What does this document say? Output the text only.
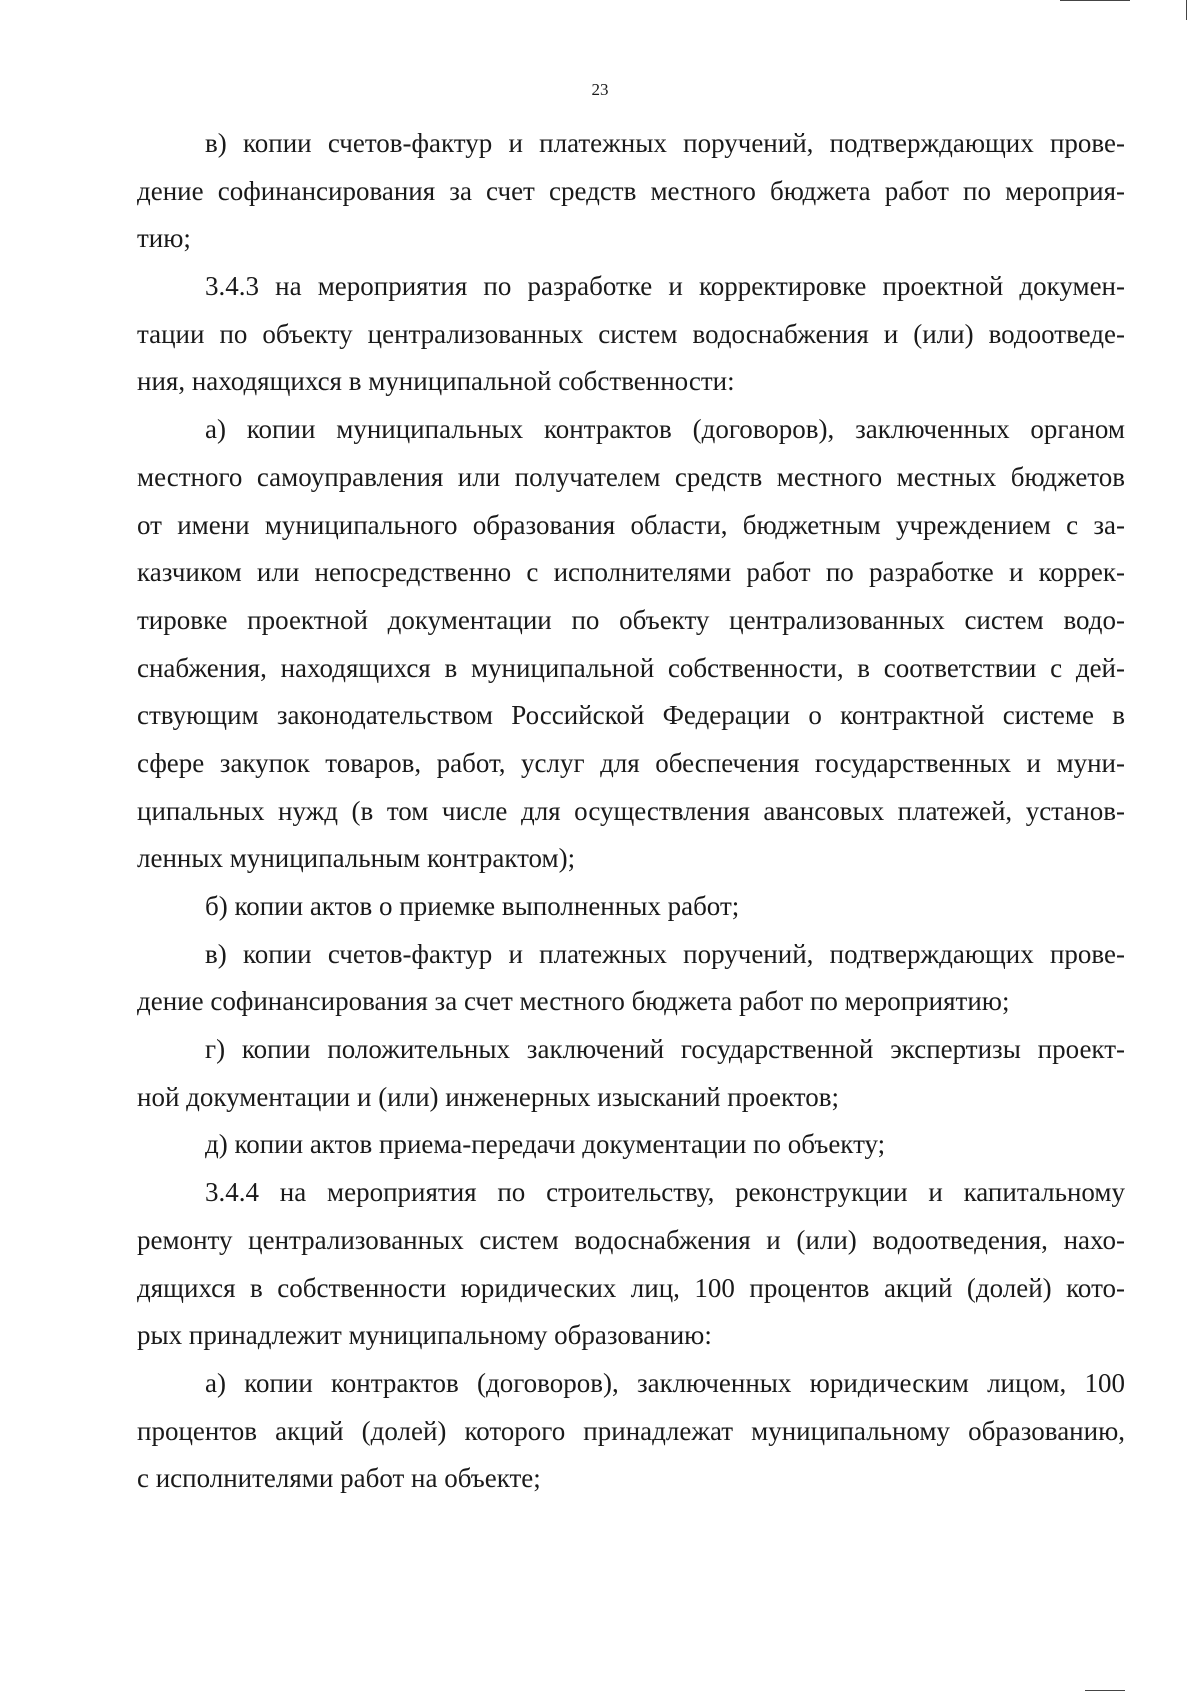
23
в) копии счетов-фактур и платежных поручений, подтверждающих прове-
дение софинансирования за счет средств местного бюджета работ по мероприя-
тию;
3.4.3 на мероприятия по разработке и корректировке проектной докумен-
тации по объекту централизованных систем водоснабжения и (или) водоотведе-
ния, находящихся в муниципальной собственности:
а) копии муниципальных контрактов (договоров), заключенных органом
местного самоуправления или получателем средств местного местных бюджетов
от имени муниципального образования области, бюджетным учреждением с за-
казчиком или непосредственно с исполнителями работ по разработке и коррек-
тировке проектной документации по объекту централизованных систем водо-
снабжения, находящихся в муниципальной собственности, в соответствии с дей-
ствующим законодательством Российской Федерации о контрактной системе в
сфере закупок товаров, работ, услуг для обеспечения государственных и муни-
ципальных нужд (в том числе для осуществления авансовых платежей, установ-
ленных муниципальным контрактом);
б) копии актов о приемке выполненных работ;
в) копии счетов-фактур и платежных поручений, подтверждающих прове-
дение софинансирования за счет местного бюджета работ по мероприятию;
г) копии положительных заключений государственной экспертизы проект-
ной документации и (или) инженерных изысканий проектов;
д) копии актов приема-передачи документации по объекту;
3.4.4 на мероприятия по строительству, реконструкции и капитальному
ремонту централизованных систем водоснабжения и (или) водоотведения, нахо-
дящихся в собственности юридических лиц, 100 процентов акций (долей) кото-
рых принадлежит муниципальному образованию:
а) копии контрактов (договоров), заключенных юридическим лицом, 100
процентов акций (долей) которого принадлежат муниципальному образованию,
с исполнителями работ на объекте;
